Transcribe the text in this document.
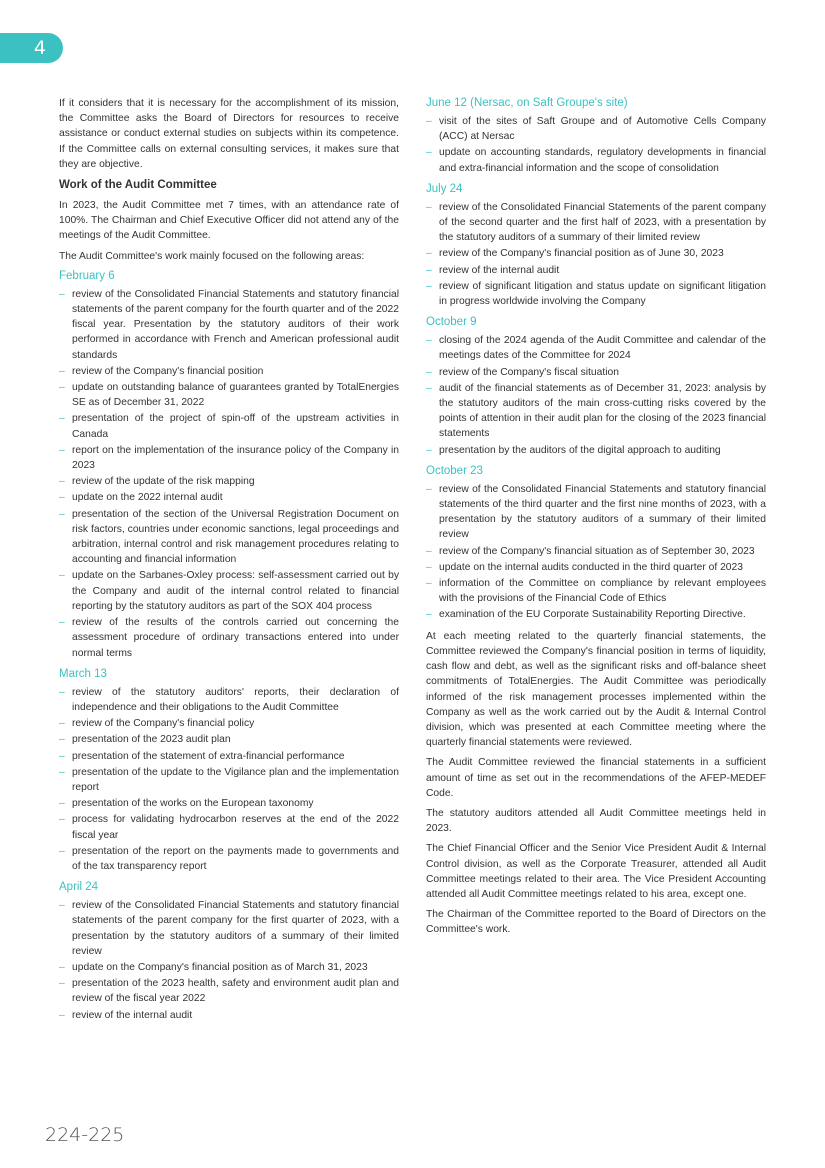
4

If it considers that it is necessary for the accomplishment of its mission, the Committee asks the Board of Directors for resources to receive assistance or conduct external studies on subjects within its competence. If the Committee calls on external consulting services, it makes sure that they are objective.

Work of the Audit Committee

In 2023, the Audit Committee met 7 times, with an attendance rate of 100%. The Chairman and Chief Executive Officer did not attend any of the meetings of the Audit Committee.

The Audit Committee's work mainly focused on the following areas:

February 6
– review of the Consolidated Financial Statements and statutory financial statements of the parent company for the fourth quarter and of the 2022 fiscal year. Presentation by the statutory auditors of their work performed in accordance with French and American professional audit standards
– review of the Company's financial position
– update on outstanding balance of guarantees granted by TotalEnergies SE as of December 31, 2022
– presentation of the project of spin-off of the upstream activities in Canada
– report on the implementation of the insurance policy of the Company in 2023
– review of the update of the risk mapping
– update on the 2022 internal audit
– presentation of the section of the Universal Registration Document on risk factors, countries under economic sanctions, legal proceedings and arbitration, internal control and risk management procedures relating to accounting and financial information
– update on the Sarbanes-Oxley process: self-assessment carried out by the Company and audit of the internal control related to financial reporting by the statutory auditors as part of the SOX 404 process
– review of the results of the controls carried out concerning the assessment procedure of ordinary transactions entered into under normal terms
March 13
– review of the statutory auditors' reports, their declaration of independence and their obligations to the Audit Committee
– review of the Company's financial policy
– presentation of the 2023 audit plan
– presentation of the statement of extra-financial performance
– presentation of the update to the Vigilance plan and the implementation report
– presentation of the works on the European taxonomy
– process for validating hydrocarbon reserves at the end of the 2022 fiscal year
– presentation of the report on the payments made to governments and of the tax transparency report
April 24
– review of the Consolidated Financial Statements and statutory financial statements of the parent company for the first quarter of 2023, with a presentation by the statutory auditors of a summary of their limited review
– update on the Company's financial position as of March 31, 2023
– presentation of the 2023 health, safety and environment audit plan and review of the fiscal year 2022
– review of the internal audit
June 12 (Nersac, on Saft Groupe's site)
– visit of the sites of Saft Groupe and of Automotive Cells Company (ACC) at Nersac
– update on accounting standards, regulatory developments in financial and extra-financial information and the scope of consolidation
July 24
– review of the Consolidated Financial Statements of the parent company of the second quarter and the first half of 2023, with a presentation by the statutory auditors of a summary of their limited review
– review of the Company's financial position as of June 30, 2023
– review of the internal audit
– review of significant litigation and status update on significant litigation in progress worldwide involving the Company
October 9
– closing of the 2024 agenda of the Audit Committee and calendar of the meetings dates of the Committee for 2024
– review of the Company's fiscal situation
– audit of the financial statements as of December 31, 2023: analysis by the statutory auditors of the main cross-cutting risks covered by the points of attention in their audit plan for the closing of the 2023 financial statements
– presentation by the auditors of the digital approach to auditing
October 23
– review of the Consolidated Financial Statements and statutory financial statements of the third quarter and the first nine months of 2023, with a presentation by the statutory auditors of a summary of their limited review
– review of the Company's financial situation as of September 30, 2023
– update on the internal audits conducted in the third quarter of 2023
– information of the Committee on compliance by relevant employees with the provisions of the Financial Code of Ethics
– examination of the EU Corporate Sustainability Reporting Directive.

At each meeting related to the quarterly financial statements, the Committee reviewed the Company's financial position in terms of liquidity, cash flow and debt, as well as the significant risks and off-balance sheet commitments of TotalEnergies. The Audit Committee was periodically informed of the risk management processes implemented within the Company as well as the work carried out by the Audit & Internal Control division, which was presented at each Committee meeting where the quarterly financial statements were reviewed.

The Audit Committee reviewed the financial statements in a sufficient amount of time as set out in the recommendations of the AFEP-MEDEF Code.

The statutory auditors attended all Audit Committee meetings held in 2023.

The Chief Financial Officer and the Senior Vice President Audit & Internal Control division, as well as the Corporate Treasurer, attended all Audit Committee meetings related to their area. The Vice President Accounting attended all Audit Committee meetings related to his area, except one.

The Chairman of the Committee reported to the Board of Directors on the Committee's work.

224-225
